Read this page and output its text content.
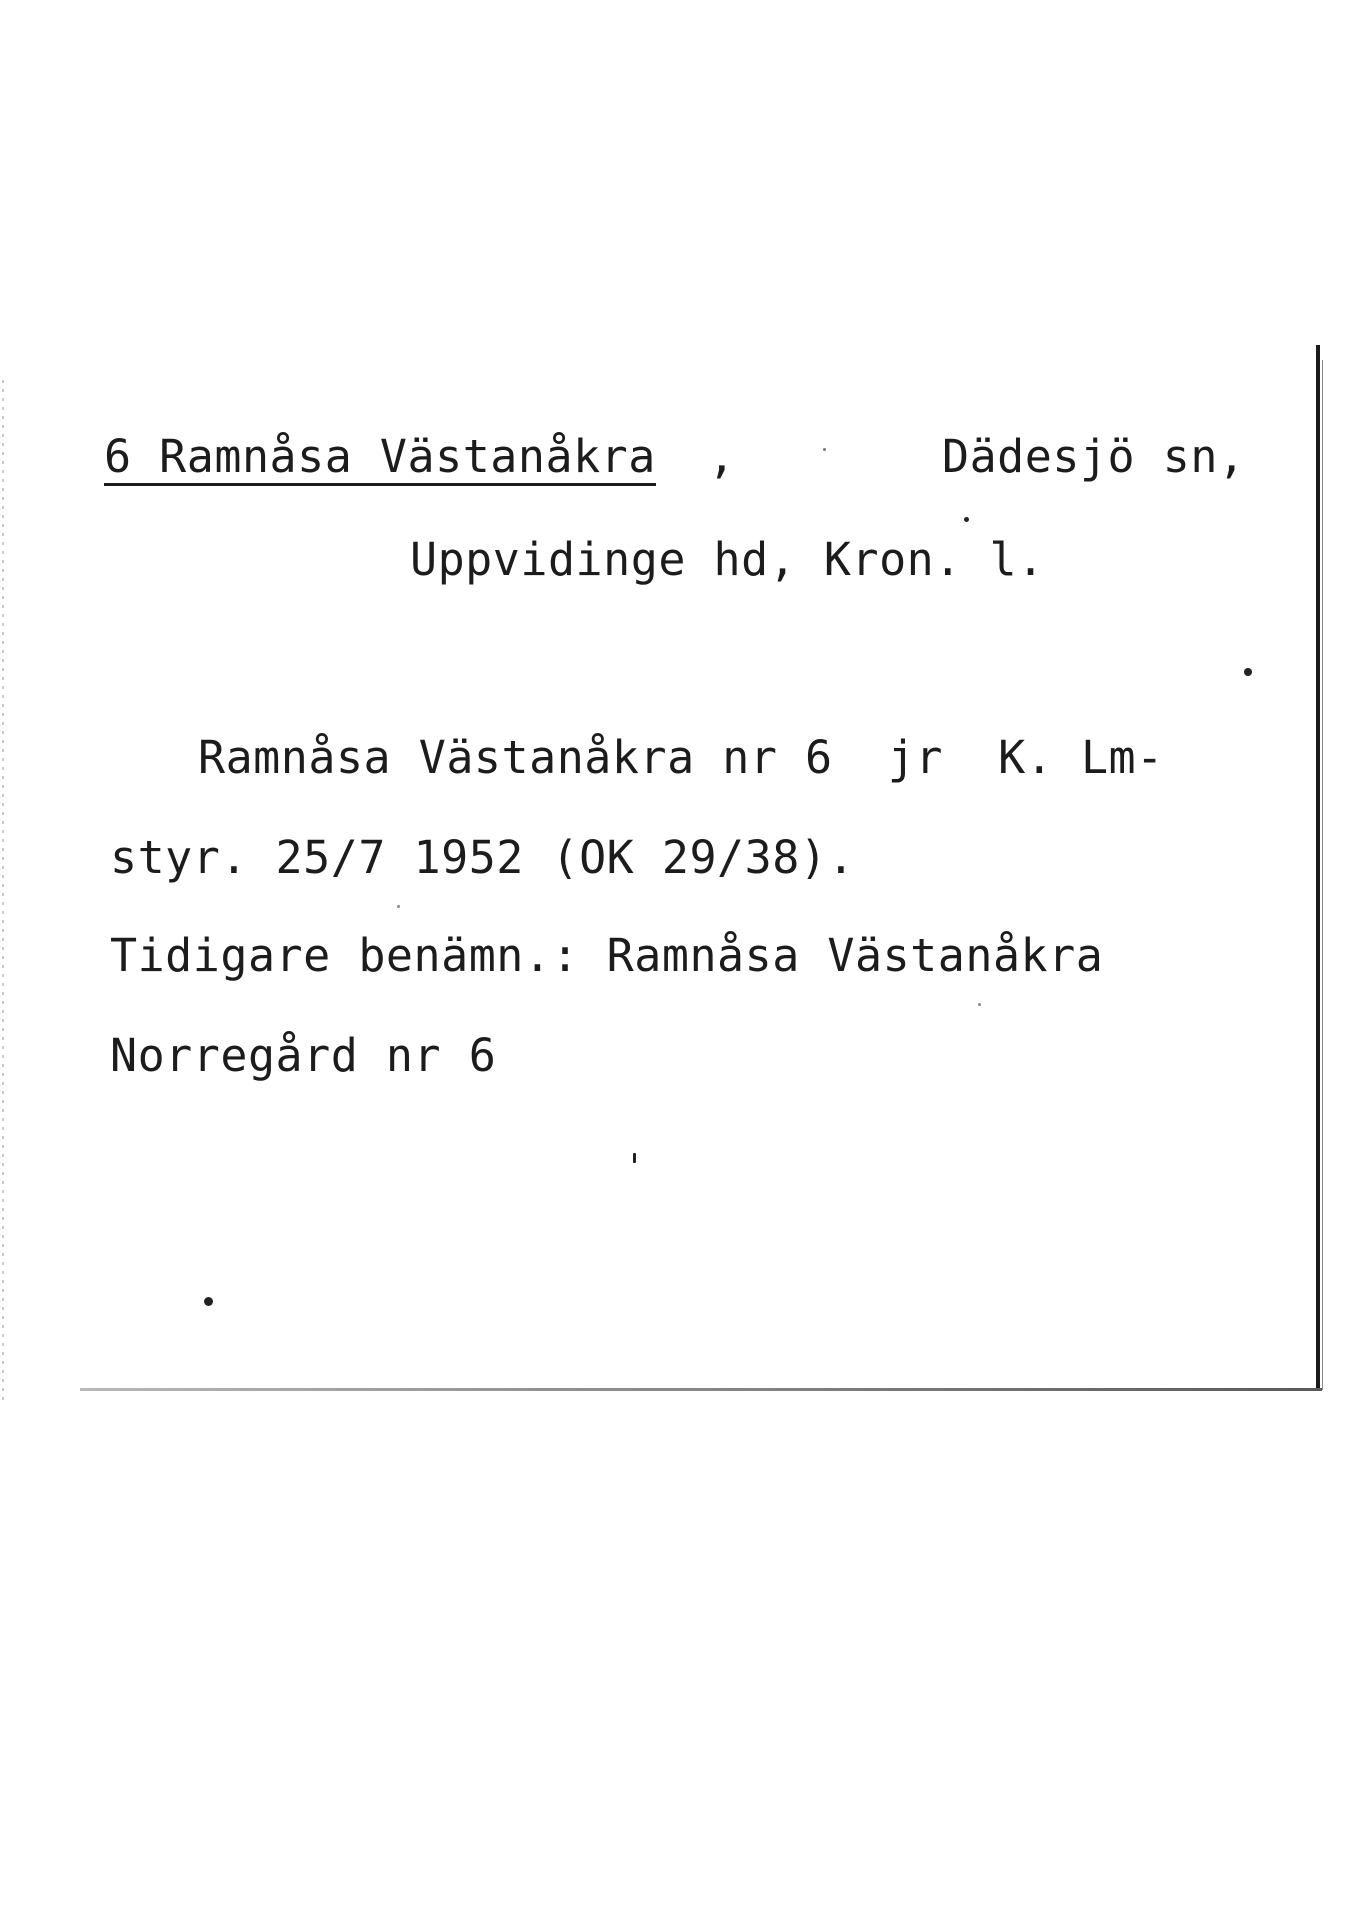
6 Ramnåsa Västanåkra ,	Dädesjö sn,
Uppvidinge hd, Kron. l.
Ramnåsa Västanåkra nr 6  jr  K. Lm-
styr. 25/7 1952 (OK 29/38).
Tidigare benämn.: Ramnåsa Västanåkra
Norregård nr 6
